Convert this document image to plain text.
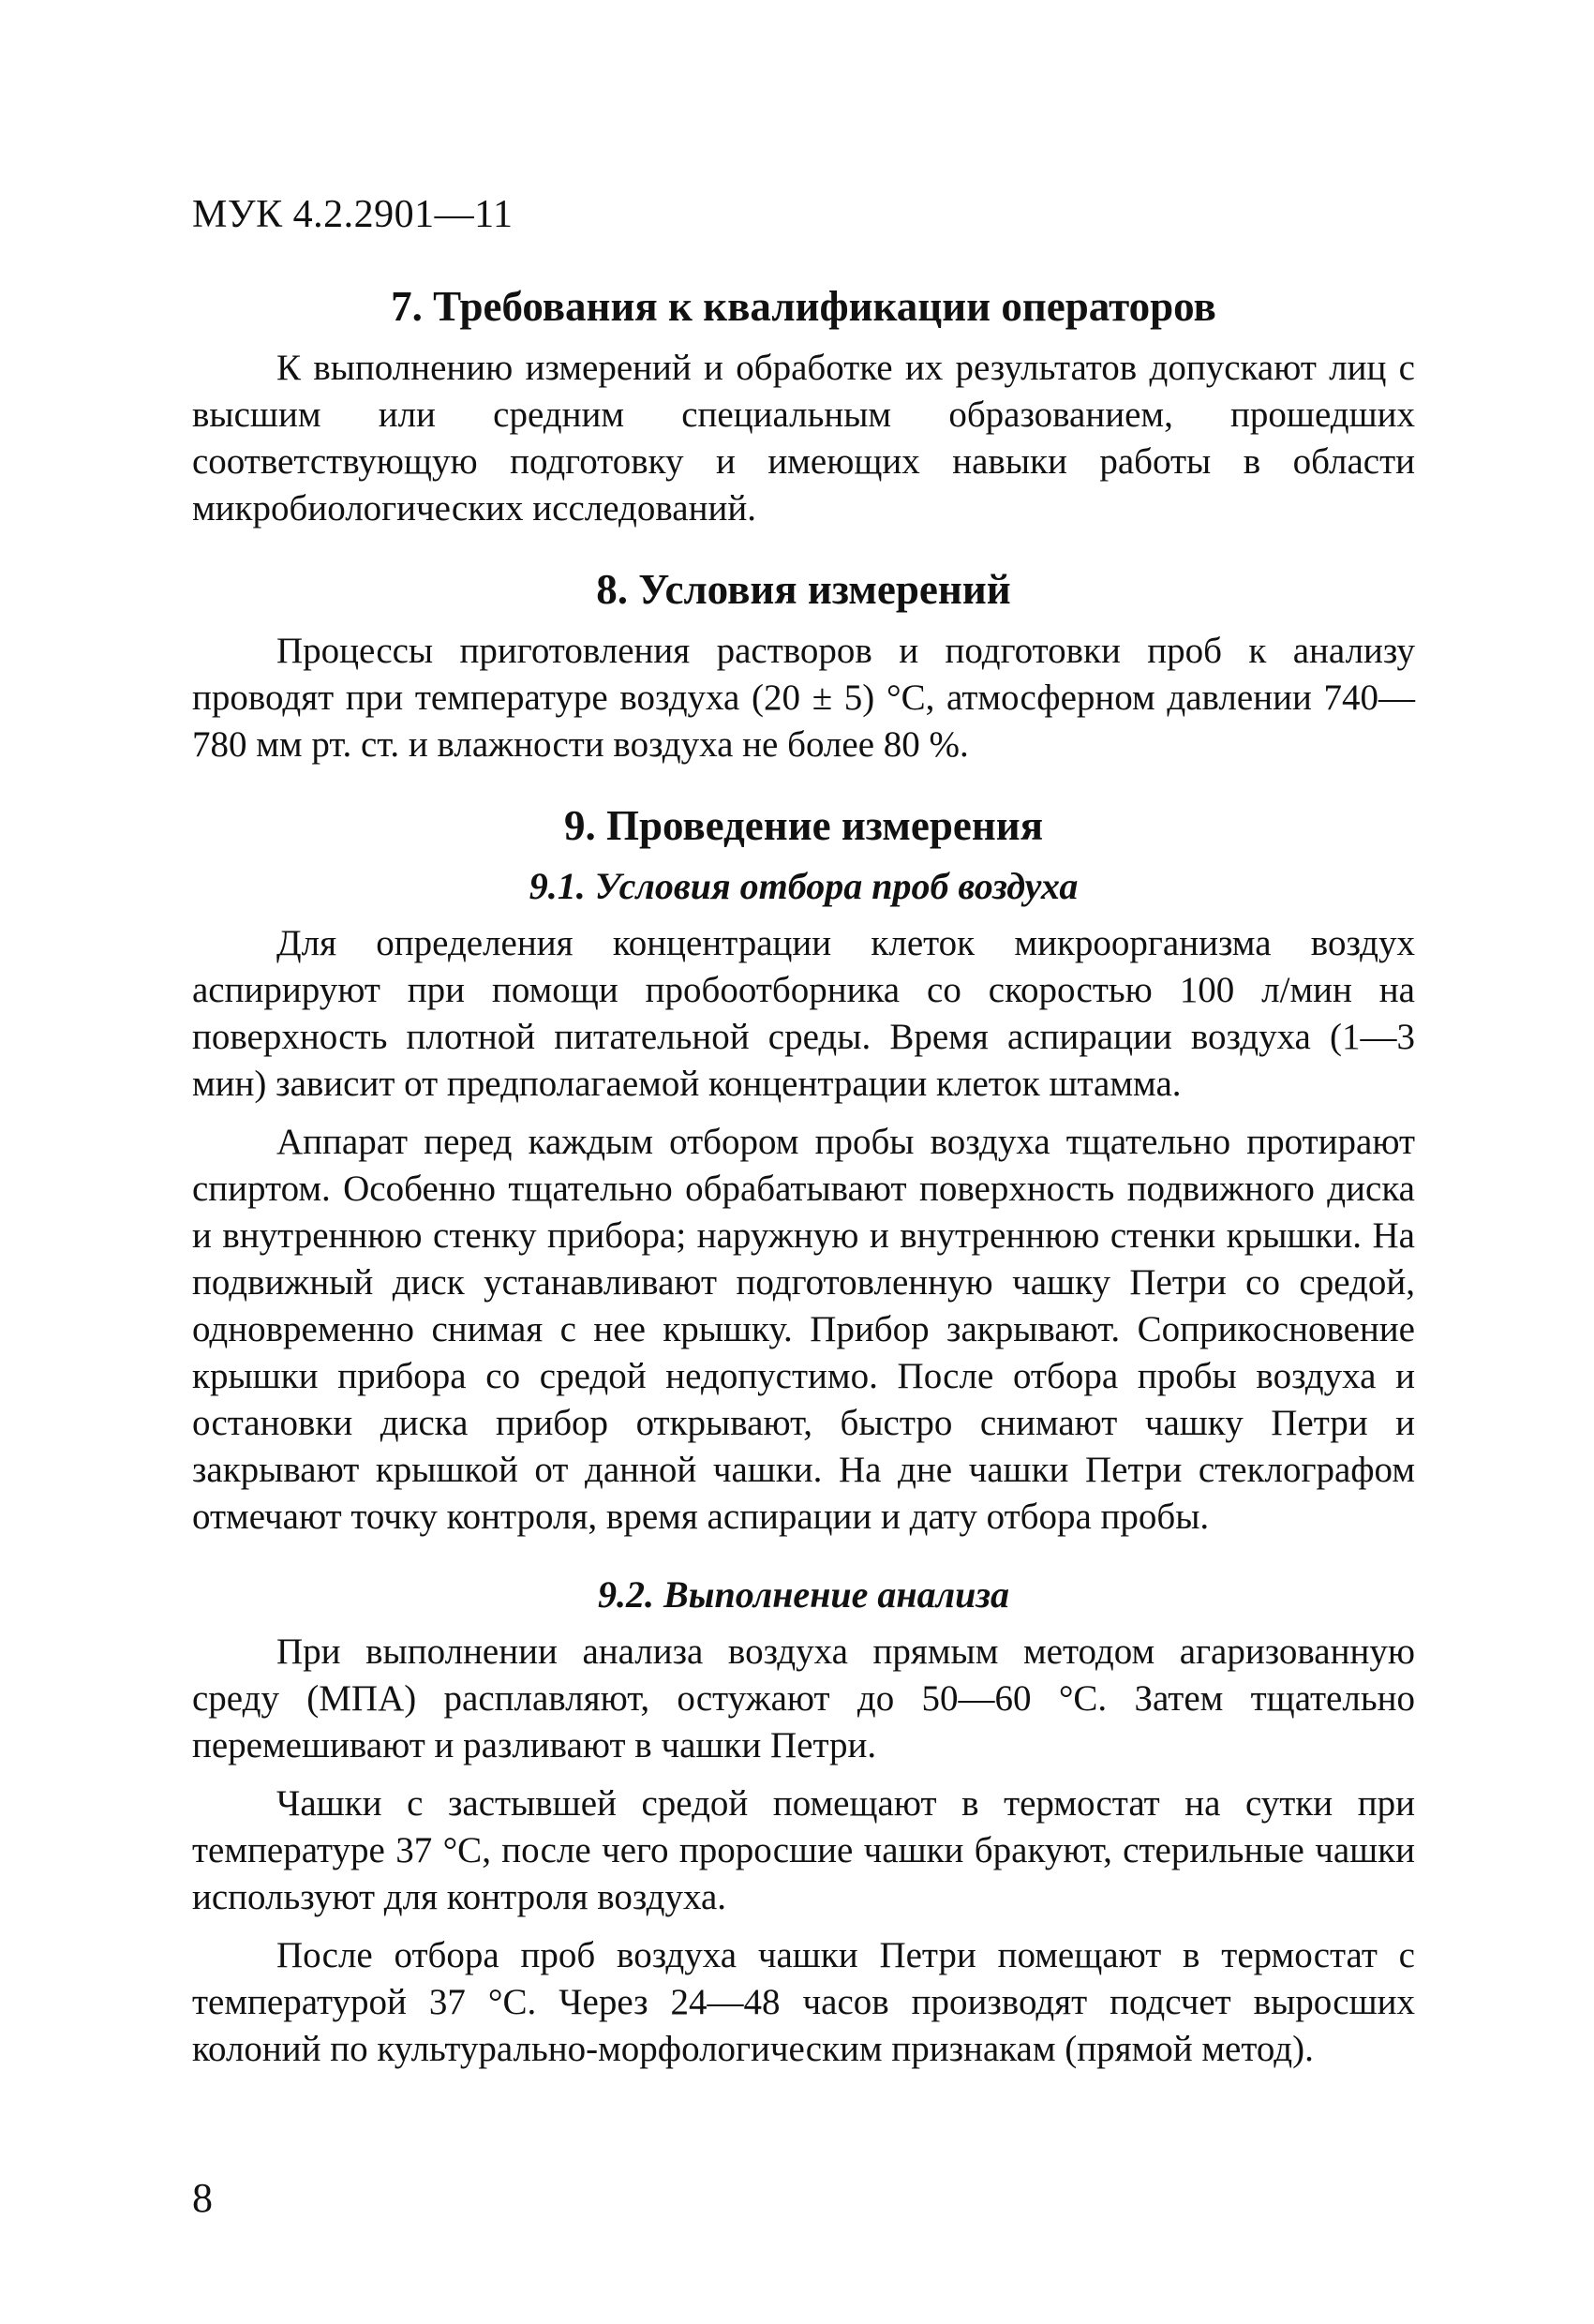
МУК 4.2.2901—11
7. Требования к квалификации операторов

К выполнению измерений и обработке их результатов допускают лиц с высшим или средним специальным образованием, прошедших соответствующую подготовку и имеющих навыки работы в области микробиологических исследований.

8. Условия измерений

Процессы приготовления растворов и подготовки проб к анализу проводят при температуре воздуха (20 ± 5) °С, атмосферном давлении 740—780 мм рт. ст. и влажности воздуха не более 80 %.

9. Проведение измерения
9.1. Условия отбора проб воздуха

Для определения концентрации клеток микроорганизма воздух аспирируют при помощи пробоотборника со скоростью 100 л/мин на поверхность плотной питательной среды. Время аспирации воздуха (1—3 мин) зависит от предполагаемой концентрации клеток штамма.

Аппарат перед каждым отбором пробы воздуха тщательно протирают спиртом. Особенно тщательно обрабатывают поверхность подвижного диска и внутреннюю стенку прибора; наружную и внутреннюю стенки крышки. На подвижный диск устанавливают подготовленную чашку Петри со средой, одновременно снимая с нее крышку. Прибор закрывают. Соприкосновение крышки прибора со средой недопустимо. После отбора пробы воздуха и остановки диска прибор открывают, быстро снимают чашку Петри и закрывают крышкой от данной чашки. На дне чашки Петри стеклографом отмечают точку контроля, время аспирации и дату отбора пробы.

9.2. Выполнение анализа

При выполнении анализа воздуха прямым методом агаризованную среду (МПА) расплавляют, остужают до 50—60 °С. Затем тщательно перемешивают и разливают в чашки Петри.

Чашки с застывшей средой помещают в термостат на сутки при температуре 37 °С, после чего проросшие чашки бракуют, стерильные чашки используют для контроля воздуха.

После отбора проб воздуха чашки Петри помещают в термостат с температурой 37 °С. Через 24—48 часов производят подсчет выросших колоний по культурально-морфологическим признакам (прямой метод).

8
